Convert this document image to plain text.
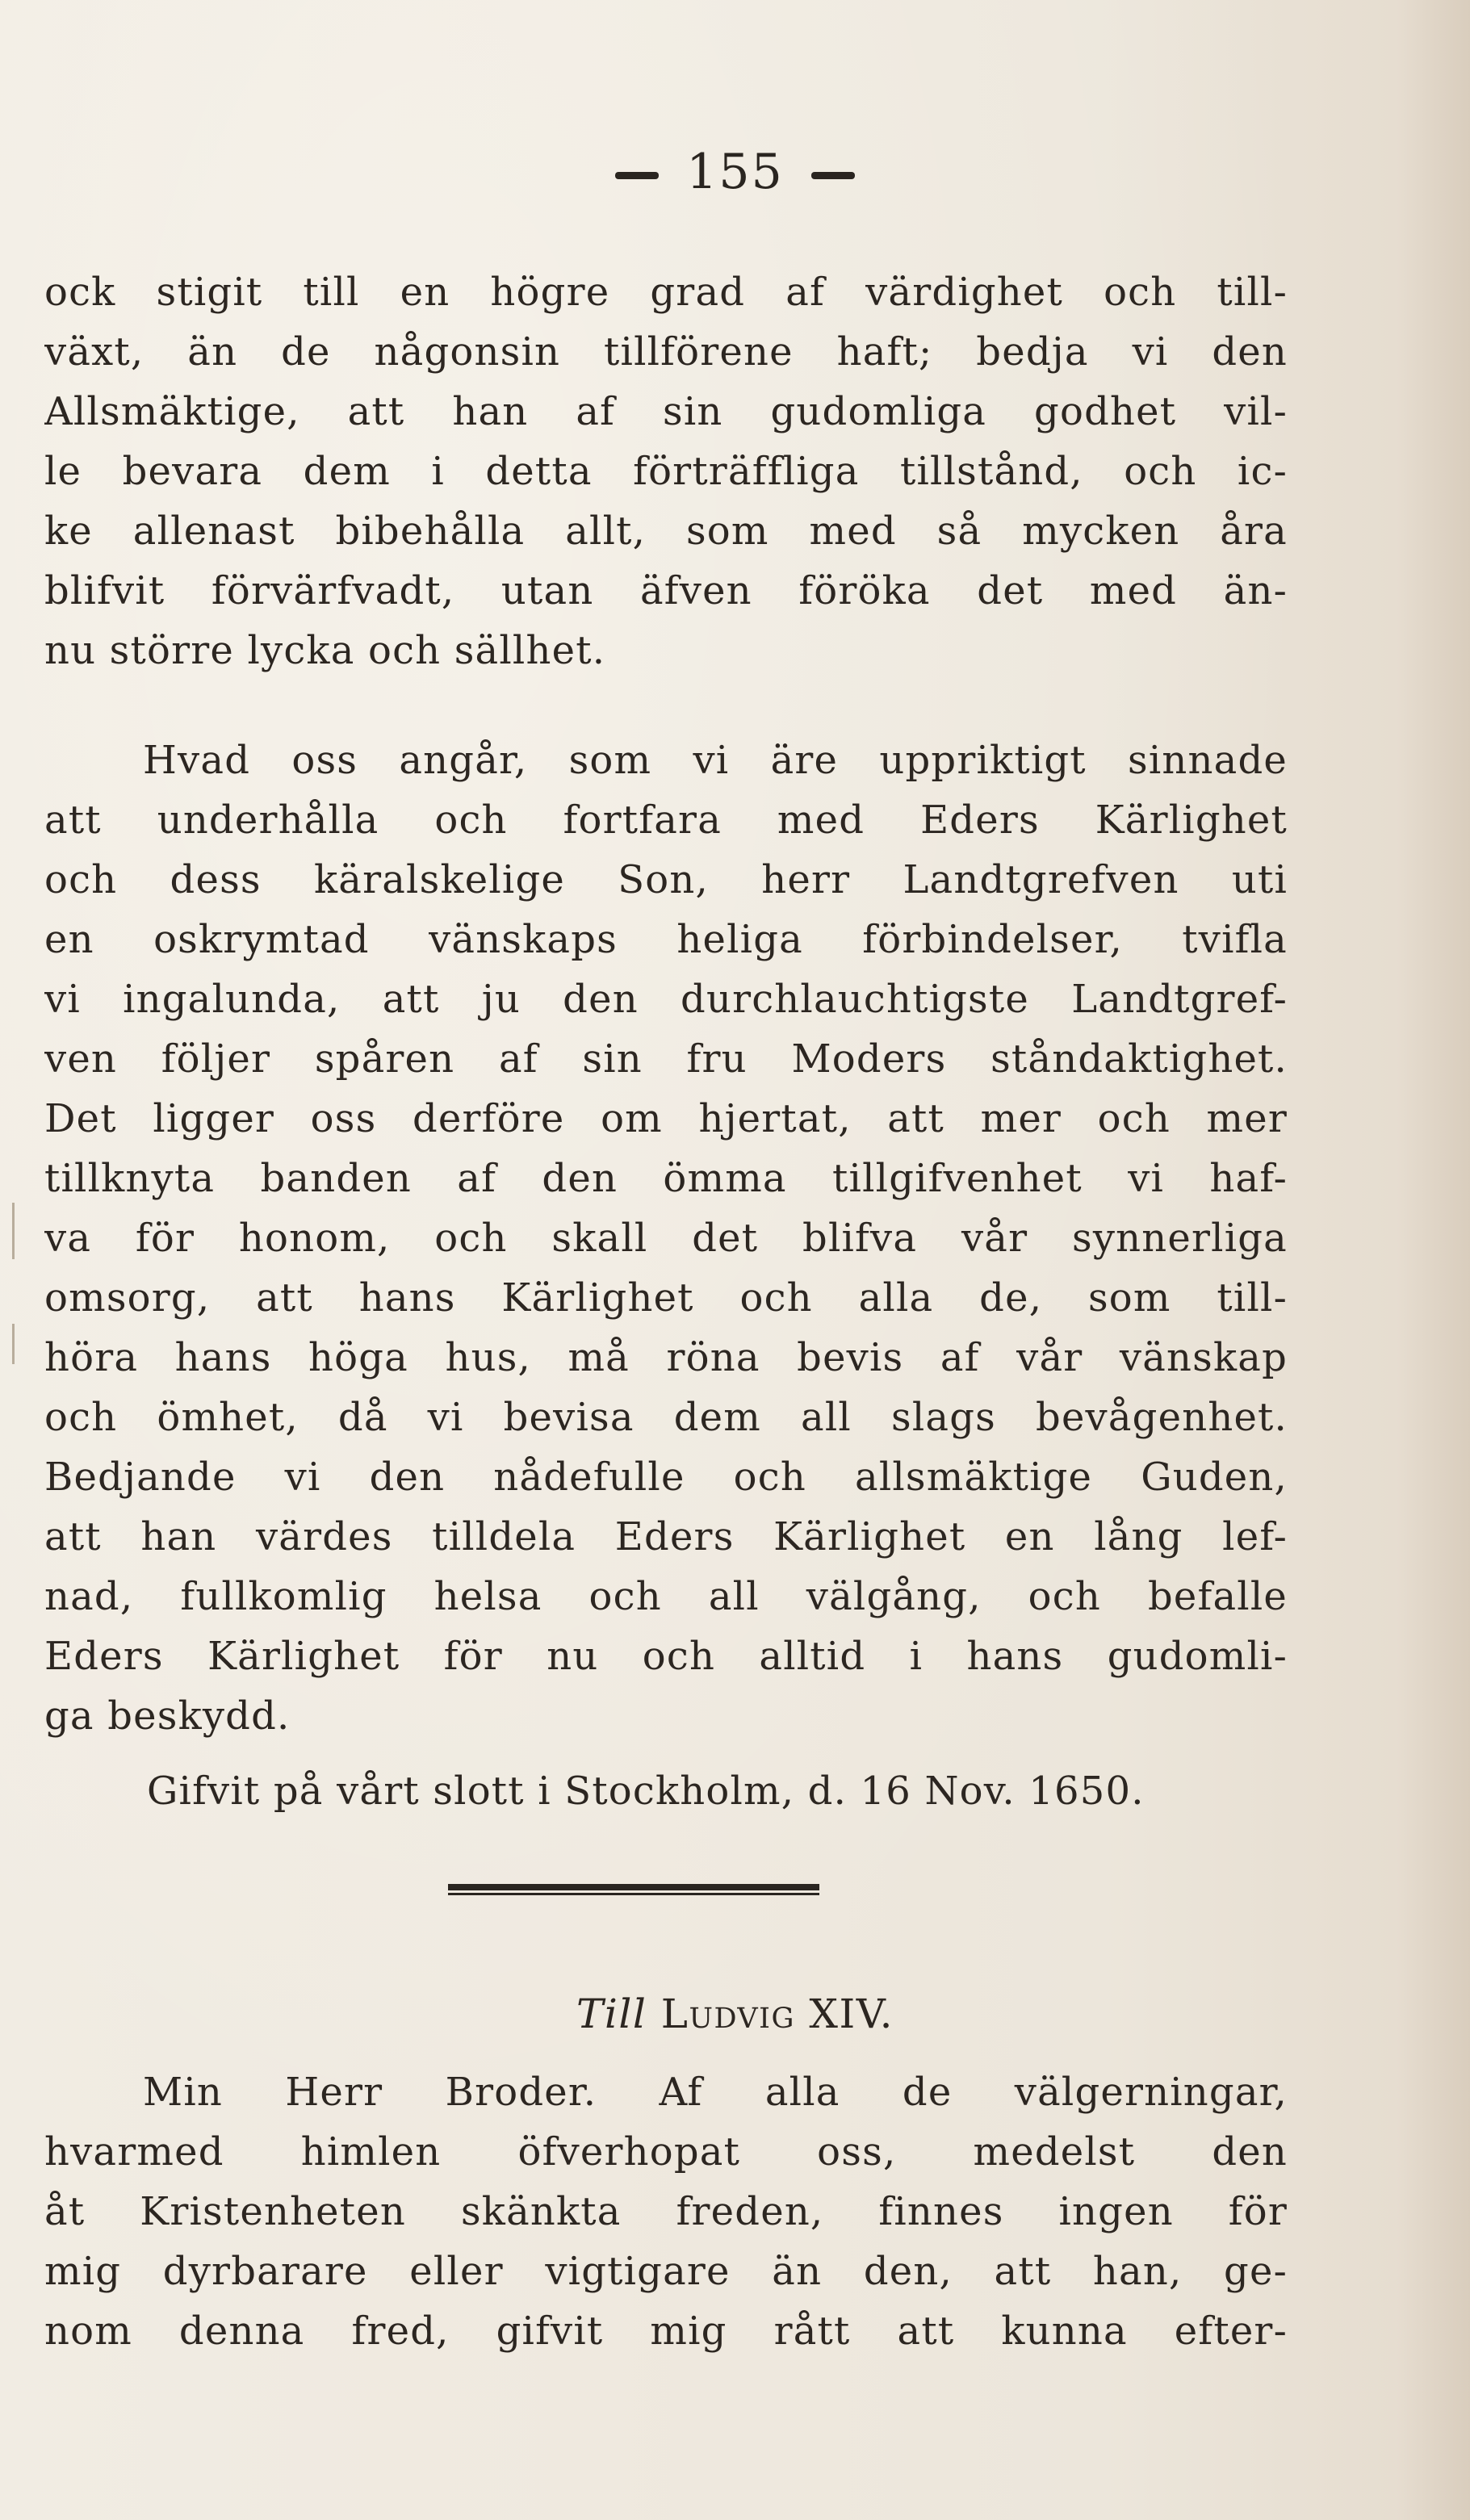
155
ock stigit till en högre grad af värdighet och till-
växt, än de någonsin tillförene haft; bedja vi den
Allsmäktige, att han af sin gudomliga godhet vil-
le bevara dem i detta förträffliga tillstånd, och ic-
ke allenast bibehålla allt, som med så mycken åra
blifvit förvärfvadt, utan äfven föröka det med än-
nu större lycka och sällhet.
Hvad oss angår, som vi äre uppriktigt sinnade
att underhålla och fortfara med Eders Kärlighet
och dess käralskelige Son, herr Landtgrefven uti
en oskrymtad vänskaps heliga förbindelser, tvifla
vi ingalunda, att ju den durchlauchtigste Landtgref-
ven följer spåren af sin fru Moders ståndaktighet.
Det ligger oss derföre om hjertat, att mer och mer
tillknyta banden af den ömma tillgifvenhet vi haf-
va för honom, och skall det blifva vår synnerliga
omsorg, att hans Kärlighet och alla de, som till-
höra hans höga hus, må röna bevis af vår vänskap
och ömhet, då vi bevisa dem all slags bevågenhet.
Bedjande vi den nådefulle och allsmäktige Guden,
att han värdes tilldela Eders Kärlighet en lång lef-
nad, fullkomlig helsa och all välgång, och befalle
Eders Kärlighet för nu och alltid i hans gudomli-
ga beskydd.
Gifvit på vårt slott i Stockholm, d. 16 Nov. 1650.
Till Ludvig XIV.
Min Herr Broder. Af alla de välgerningar,
hvarmed himlen öfverhopat oss, medelst den
åt Kristenheten skänkta freden, finnes ingen för
mig dyrbarare eller vigtigare än den, att han, ge-
nom denna fred, gifvit mig rått att kunna efter-
